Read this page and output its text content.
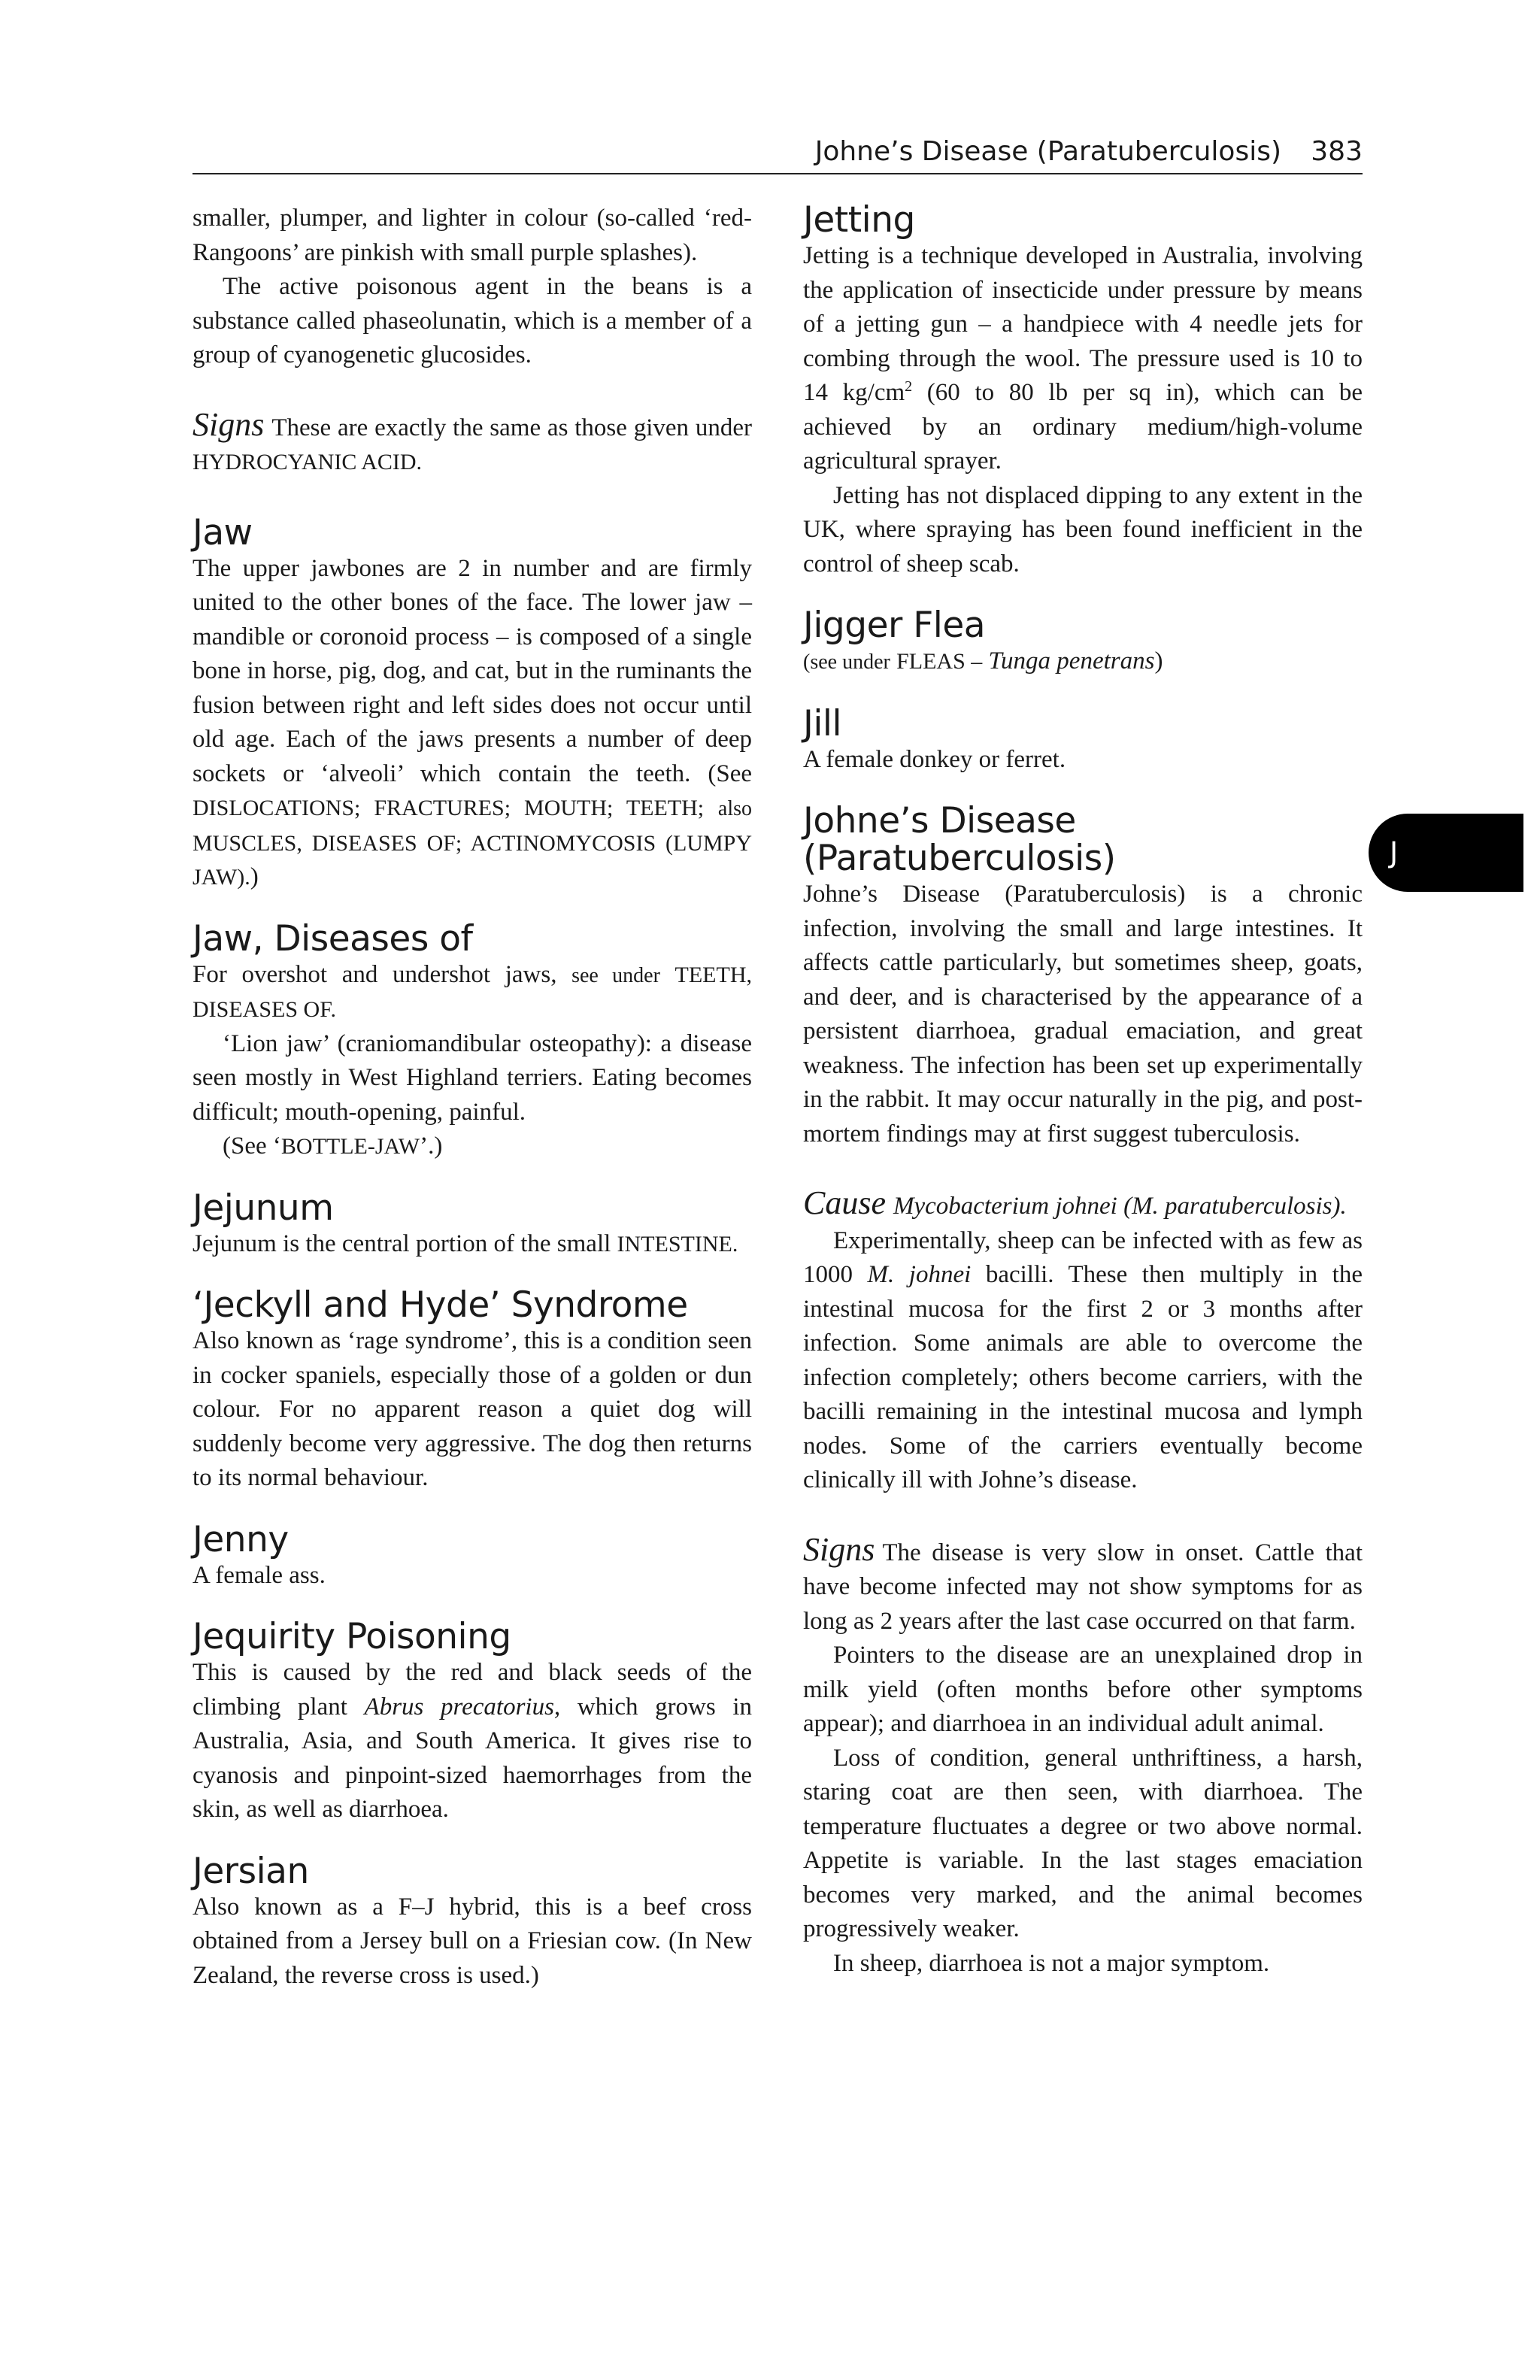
Johne’s Disease (Paratuberculosis) 383
J

smaller, plumper, and lighter in colour (so-called ‘red-Rangoons’ are pinkish with small purple splashes).

The active poisonous agent in the beans is a substance called phaseolunatin, which is a member of a group of cyanogenetic glucosides.

Signs These are exactly the same as those given under HYDROCYANIC ACID.

Jaw

The upper jawbones are 2 in number and are firmly united to the other bones of the face. The lower jaw – mandible or coronoid process – is composed of a single bone in horse, pig, dog, and cat, but in the ruminants the fusion between right and left sides does not occur until old age. Each of the jaws presents a number of deep sockets or ‘alveoli’ which contain the teeth. (See DISLOCATIONS; FRACTURES; MOUTH; TEETH; also MUSCLES, DISEASES OF; ACTINOMYCOSIS (LUMPY JAW).)

Jaw, Diseases of

For overshot and undershot jaws, see under TEETH, DISEASES OF.

‘Lion jaw’ (craniomandibular osteopathy): a disease seen mostly in West Highland terriers. Eating becomes difficult; mouth-opening, painful.

(See ‘BOTTLE-JAW’.)

Jejunum

Jejunum is the central portion of the small INTESTINE.

‘Jeckyll and Hyde’ Syndrome

Also known as ‘rage syndrome’, this is a condition seen in cocker spaniels, especially those of a golden or dun colour. For no apparent reason a quiet dog will suddenly become very aggressive. The dog then returns to its normal behaviour.

Jenny

A female ass.

Jequirity Poisoning

This is caused by the red and black seeds of the climbing plant Abrus precatorius, which grows in Australia, Asia, and South America. It gives rise to cyanosis and pinpoint-sized haemorrhages from the skin, as well as diarrhoea.

Jersian

Also known as a F–J hybrid, this is a beef cross obtained from a Jersey bull on a Friesian cow. (In New Zealand, the reverse cross is used.)

Jetting

Jetting is a technique developed in Australia, involving the application of insecticide under pressure by means of a jetting gun – a handpiece with 4 needle jets for combing through the wool. The pressure used is 10 to 14 $kg/cm^2$ (60 to 80 lb per sq in), which can be achieved by an ordinary medium/high-volume agricultural sprayer.

Jetting has not displaced dipping to any extent in the UK, where spraying has been found inefficient in the control of sheep scab.

Jigger Flea

(see under FLEAS – Tunga penetrans)

Jill

A female donkey or ferret.

Johne’s Disease
(Paratuberculosis)

Johne’s Disease (Paratuberculosis) is a chronic infection, involving the small and large intestines. It affects cattle particularly, but sometimes sheep, goats, and deer, and is characterised by the appearance of a persistent diarrhoea, gradual emaciation, and great weakness. The infection has been set up experimentally in the rabbit. It may occur naturally in the pig, and post-mortem findings may at first suggest tuberculosis.

Cause Mycobacterium johnei (M. paratuberculosis).

Experimentally, sheep can be infected with as few as 1000 M. johnei bacilli. These then multiply in the intestinal mucosa for the first 2 or 3 months after infection. Some animals are able to overcome the infection completely; others become carriers, with the bacilli remaining in the intestinal mucosa and lymph nodes. Some of the carriers eventually become clinically ill with Johne’s disease.

Signs The disease is very slow in onset. Cattle that have become infected may not show symptoms for as long as 2 years after the last case occurred on that farm.

Pointers to the disease are an unexplained drop in milk yield (often months before other symptoms appear); and diarrhoea in an individual adult animal.

Loss of condition, general unthriftiness, a harsh, staring coat are then seen, with diarrhoea. The temperature fluctuates a degree or two above normal. Appetite is variable. In the last stages emaciation becomes very marked, and the animal becomes progressively weaker.

In sheep, diarrhoea is not a major symptom.
